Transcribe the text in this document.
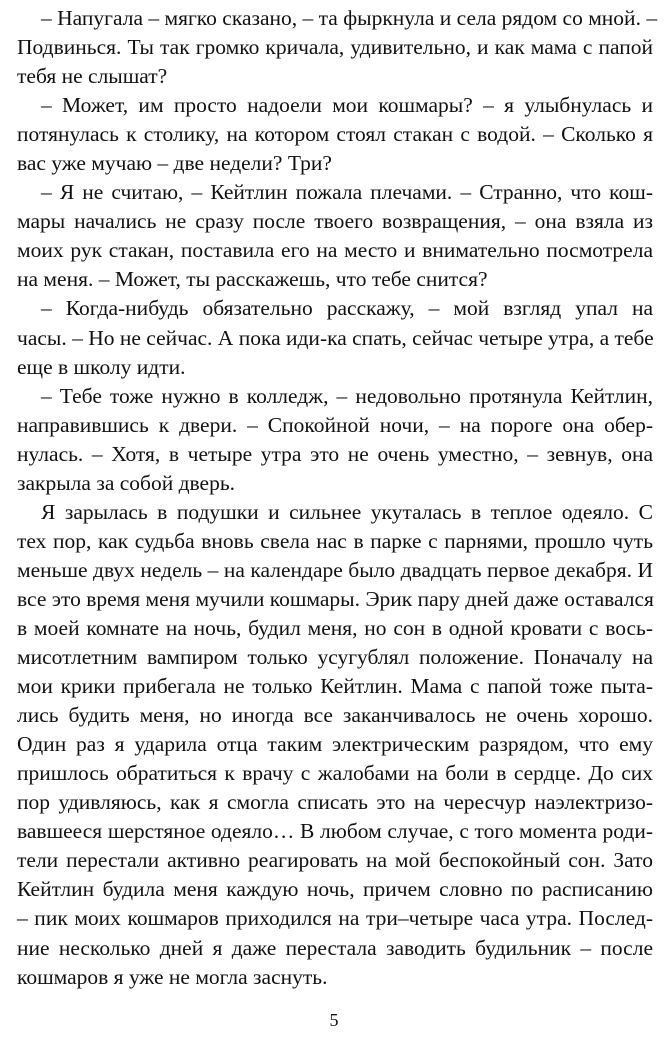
– Напугала – мягко сказано, – та фыркнула и села рядом со мной. –
Подвинься. Ты так громко кричала, удивительно, и как мама с папой
тебя не слышат?
– Может, им просто надоели мои кошмары? – я улыбнулась и
потянулась к столику, на котором стоял стакан с водой. – Сколько я
вас уже мучаю – две недели? Три?
– Я не считаю, – Кейтлин пожала плечами. – Странно, что кош-
мары начались не сразу после твоего возвращения, – она взяла из
моих рук стакан, поставила его на место и внимательно посмотрела
на меня. – Может, ты расскажешь, что тебе снится?
– Когда-нибудь обязательно расскажу, – мой взгляд упал на
часы. – Но не сейчас. А пока иди-ка спать, сейчас четыре утра, а тебе
еще в школу идти.
– Тебе тоже нужно в колледж, – недовольно протянула Кейтлин,
направившись к двери. – Спокойной ночи, – на пороге она обер-
нулась. – Хотя, в четыре утра это не очень уместно, – зевнув, она
закрыла за собой дверь.
Я зарылась в подушки и сильнее укуталась в теплое одеяло. С
тех пор, как судьба вновь свела нас в парке с парнями, прошло чуть
меньше двух недель – на календаре было двадцать первое декабря. И
все это время меня мучили кошмары. Эрик пару дней даже оставался
в моей комнате на ночь, будил меня, но сон в одной кровати с вось-
мисотлетним вампиром только усугублял положение. Поначалу на
мои крики прибегала не только Кейтлин. Мама с папой тоже пыта-
лись будить меня, но иногда все заканчивалось не очень хорошо.
Один раз я ударила отца таким электрическим разрядом, что ему
пришлось обратиться к врачу с жалобами на боли в сердце. До сих
пор удивляюсь, как я смогла списать это на чересчур наэлектризо-
вавшееся шерстяное одеяло… В любом случае, с того момента роди-
тели перестали активно реагировать на мой беспокойный сон. Зато
Кейтлин будила меня каждую ночь, причем словно по расписанию
– пик моих кошмаров приходился на три–четыре часа утра. Послед-
ние несколько дней я даже перестала заводить будильник – после
кошмаров я уже не могла заснуть.
5
